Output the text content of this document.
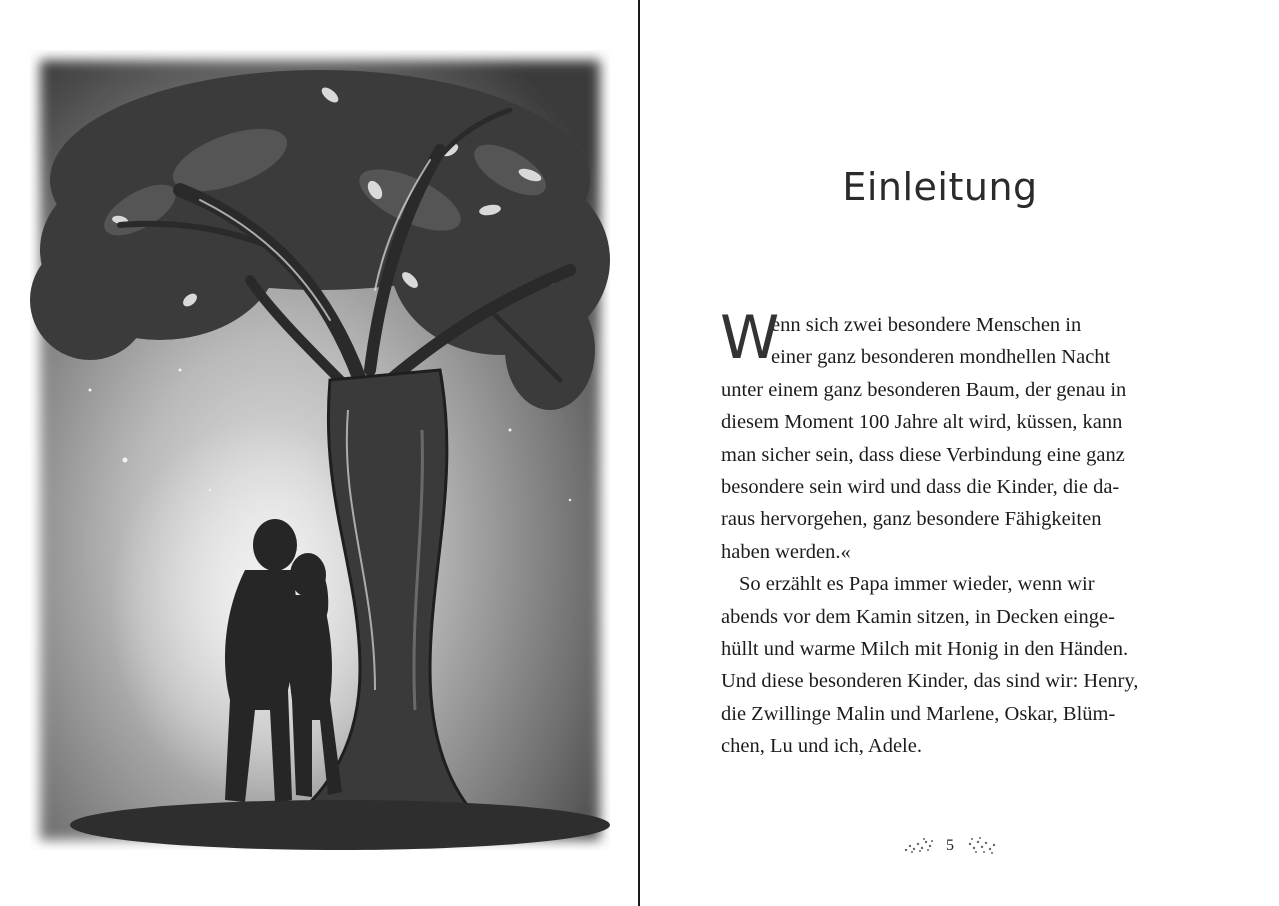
Einleitung
W
enn sich zwei besondere Menschen in
einer ganz besonderen mondhellen Nacht
unter einem ganz besonderen Baum, der genau in
diesem Moment 100 Jahre alt wird, küssen, kann
man sicher sein, dass diese Verbindung eine ganz
besondere sein wird und dass die Kinder, die da-
raus hervorgehen, ganz besondere Fähigkeiten
haben werden.«
So erzählt es Papa immer wieder, wenn wir
abends vor dem Kamin sitzen, in Decken einge-
hüllt und warme Milch mit Honig in den Händen.
Und diese besonderen Kinder, das sind wir: Henry,
die Zwillinge Malin und Marlene, Oskar, Blüm-
chen, Lu und ich, Adele.
5
